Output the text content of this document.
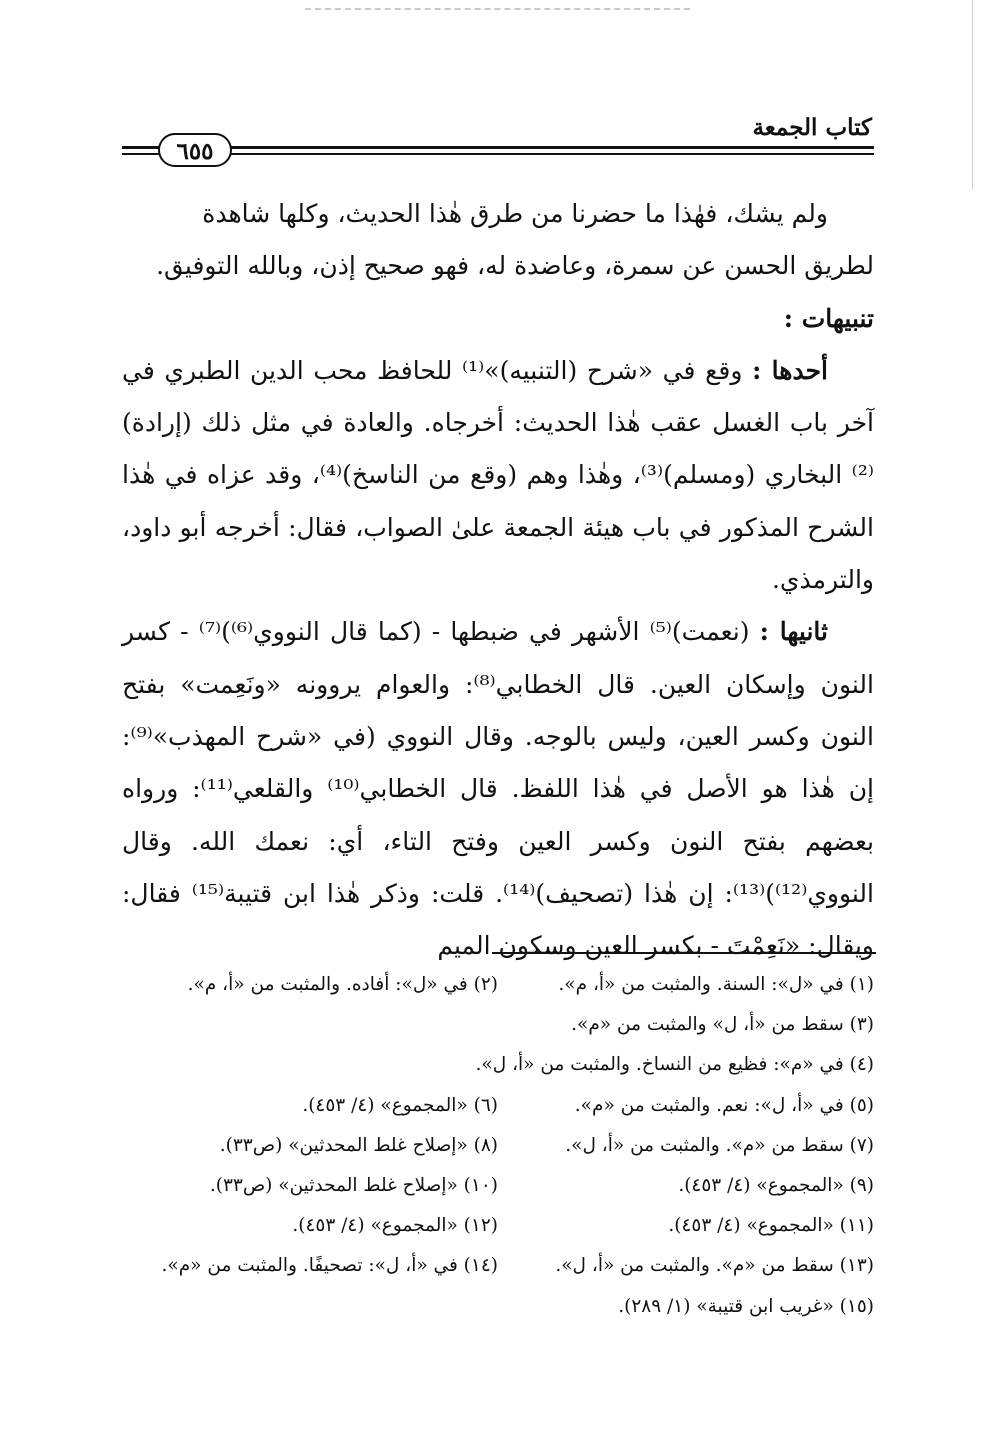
كتاب الجمعة
٦٥٥

ولم يشك، فهٰذا ما حضرنا من طرق هٰذا الحديث، وكلها شاهدة

لطريق الحسن عن سمرة، وعاضدة له، فهو صحيح إذن، وبالله التوفيق.

تنبيهات :

أحدها : وقع في «شرح (التنبيه)»⁽¹⁾ للحافظ محب الدين الطبري في آخر باب الغسل عقب هٰذا الحديث: أخرجاه. والعادة في مثل ذلك (إرادة)⁽²⁾ البخاري (ومسلم)⁽³⁾، وهٰذا وهم (وقع من الناسخ)⁽⁴⁾، وقد عزاه في هٰذا الشرح المذكور في باب هيئة الجمعة علىٰ الصواب، فقال: أخرجه أبو داود، والترمذي.

ثانيها : (نعمت)⁽⁵⁾ الأشهر في ضبطها - (كما قال النووي⁽⁶⁾)⁽⁷⁾ - كسر النون وإسكان العين. قال الخطابي⁽⁸⁾: والعوام يروونه «ونَعِمت» بفتح النون وكسر العين، وليس بالوجه. وقال النووي (في «شرح المهذب»⁽⁹⁾: إن هٰذا هو الأصل في هٰذا اللفظ. قال الخطابي⁽¹⁰⁾ والقلعي⁽¹¹⁾: ورواه بعضهم بفتح النون وكسر العين وفتح التاء، أي: نعمك الله. وقال النووي⁽¹²⁾)⁽¹³⁾: إن هٰذا (تصحيف)⁽¹⁴⁾. قلت: وذكر هٰذا ابن قتيبة⁽¹⁵⁾ فقال: ويقال: «نَعِمْتَ - بكسر العين وسكون الميم

(١) في «ل»: السنة. والمثبت من «أ، م».
(٢) في «ل»: أفاده. والمثبت من «أ، م».
(٣) سقط من «أ، ل» والمثبت من «م».
(٤) في «م»: فظيع من النساخ. والمثبت من «أ، ل».
(٥) في «أ، ل»: نعم. والمثبت من «م».
(٦) «المجموع» (٤/ ٤٥٣).
(٧) سقط من «م». والمثبت من «أ، ل».
(٨) «إصلاح غلط المحدثين» (ص٣٣).
(٩) «المجموع» (٤/ ٤٥٣).
(١٠) «إصلاح غلط المحدثين» (ص٣٣).
(١١) «المجموع» (٤/ ٤٥٣).
(١٢) «المجموع» (٤/ ٤٥٣).
(١٣) سقط من «م». والمثبت من «أ، ل».
(١٤) في «أ، ل»: تصحيفًا. والمثبت من «م».
(١٥) «غريب ابن قتيبة» (١/ ٢٨٩).
